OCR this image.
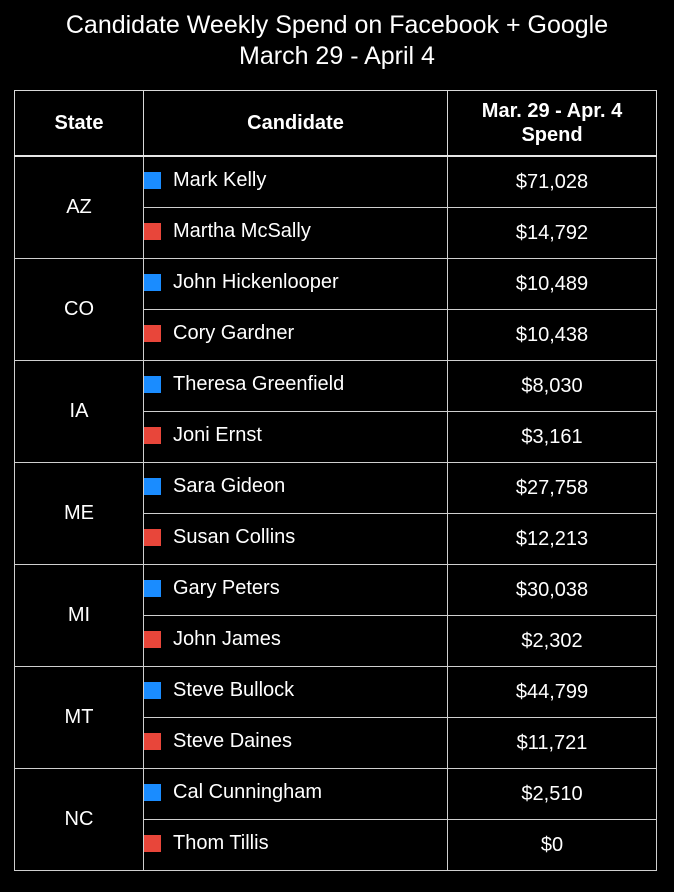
Candidate Weekly Spend on Facebook + Google
March 29 - April 4
State	Candidate	Mar. 29 - Apr. 4
Spend

AZ	Mark Kelly	$71,028

	Martha McSally	$14,792
CO	John Hickenlooper	$10,489

	Cory Gardner	$10,438
IA	Theresa Greenfield	$8,030

	Joni Ernst	$3,161
ME	Sara Gideon	$27,758

	Susan Collins	$12,213
MI	Gary Peters	$30,038

	John James	$2,302
MT	Steve Bullock	$44,799

	Steve Daines	$11,721
NC	Cal Cunningham	$2,510

	Thom Tillis	$0
